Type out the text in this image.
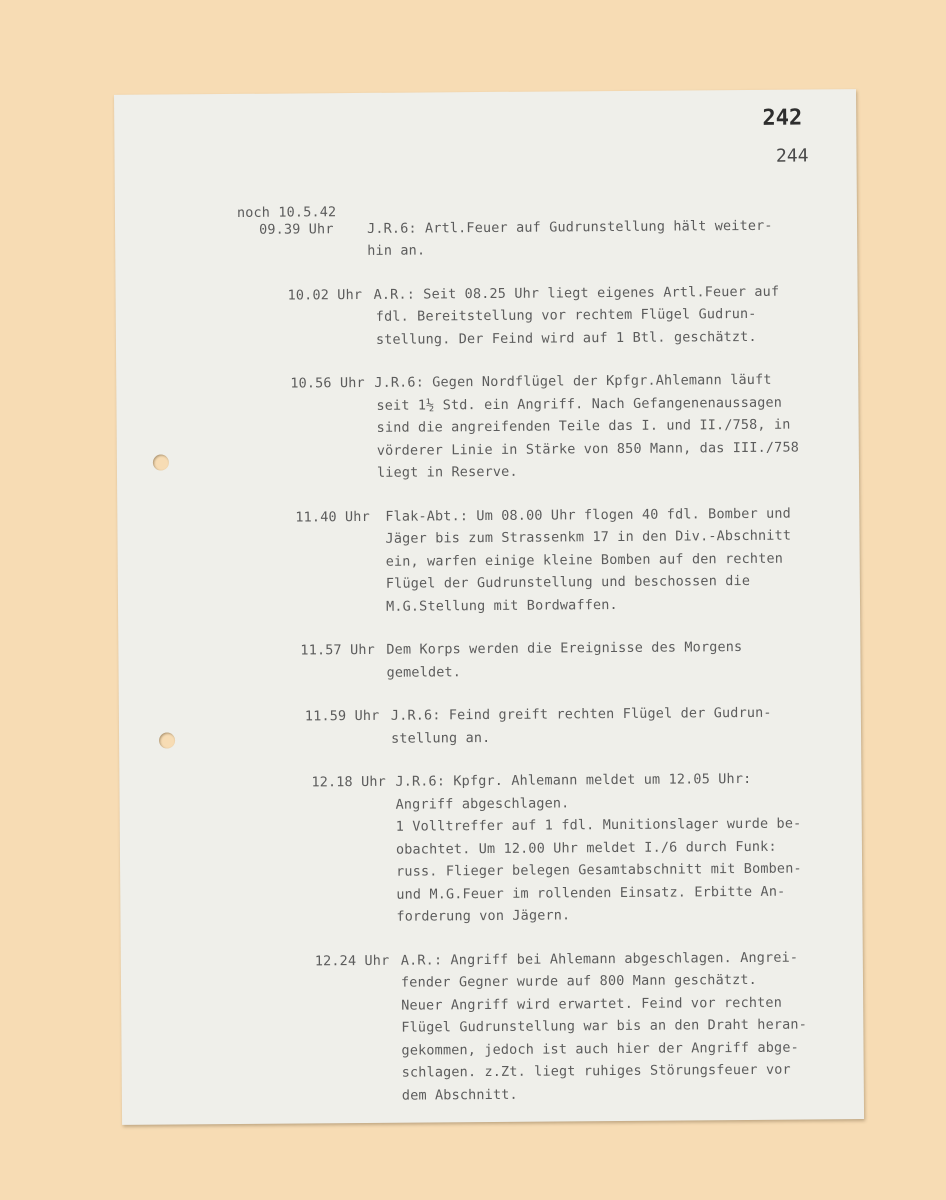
242
244
noch 10.5.42
09.39 Uhr	J.R.6: Artl.Feuer auf Gudrunstellung hält weiter-
hin an.
10.02 Uhr A.R.: Seit 08.25 Uhr liegt eigenes Artl.Feuer auf
fdl. Bereitstellung vor rechtem Flügel Gudrun-
stellung. Der Feind wird auf 1 Btl. geschätzt.
10.56 Uhr J.R.6: Gegen Nordflügel der Kpfgr.Ahlemann läuft
seit 1½ Std. ein Angriff. Nach Gefangenenaussagen
sind die angreifenden Teile das I. und II./758, in
vörderer Linie in Stärke von 850 Mann, das III./758
liegt in Reserve.
11.40 Uhr	Flak-Abt.: Um 08.00 Uhr flogen 40 fdl. Bomber und
Jäger bis zum Strassenkm 17 in den Div.-Abschnitt
ein, warfen einige kleine Bomben auf den rechten
Flügel der Gudrunstellung und beschossen die
M.G.Stellung mit Bordwaffen.
11.57 Uhr Dem Korps werden die Ereignisse des Morgens
gemeldet.
11.59 Uhr J.R.6: Feind greift rechten Flügel der Gudrun-
stellung an.
12.18 Uhr J.R.6: Kpfgr. Ahlemann meldet um 12.05 Uhr:
Angriff abgeschlagen.
1 Volltreffer auf 1 fdl. Munitionslager wurde be-
obachtet. Um 12.00 Uhr meldet I./6 durch Funk:
russ. Flieger belegen Gesamtabschnitt mit Bomben-
und M.G.Feuer im rollenden Einsatz. Erbitte An-
forderung von Jägern.
12.24 Uhr A.R.: Angriff bei Ahlemann abgeschlagen. Angrei-
fender Gegner wurde auf 800 Mann geschätzt.
Neuer Angriff wird erwartet. Feind vor rechten
Flügel Gudrunstellung war bis an den Draht heran-
gekommen, jedoch ist auch hier der Angriff abge-
schlagen. z.Zt. liegt ruhiges Störungsfeuer vor
dem Abschnitt.
